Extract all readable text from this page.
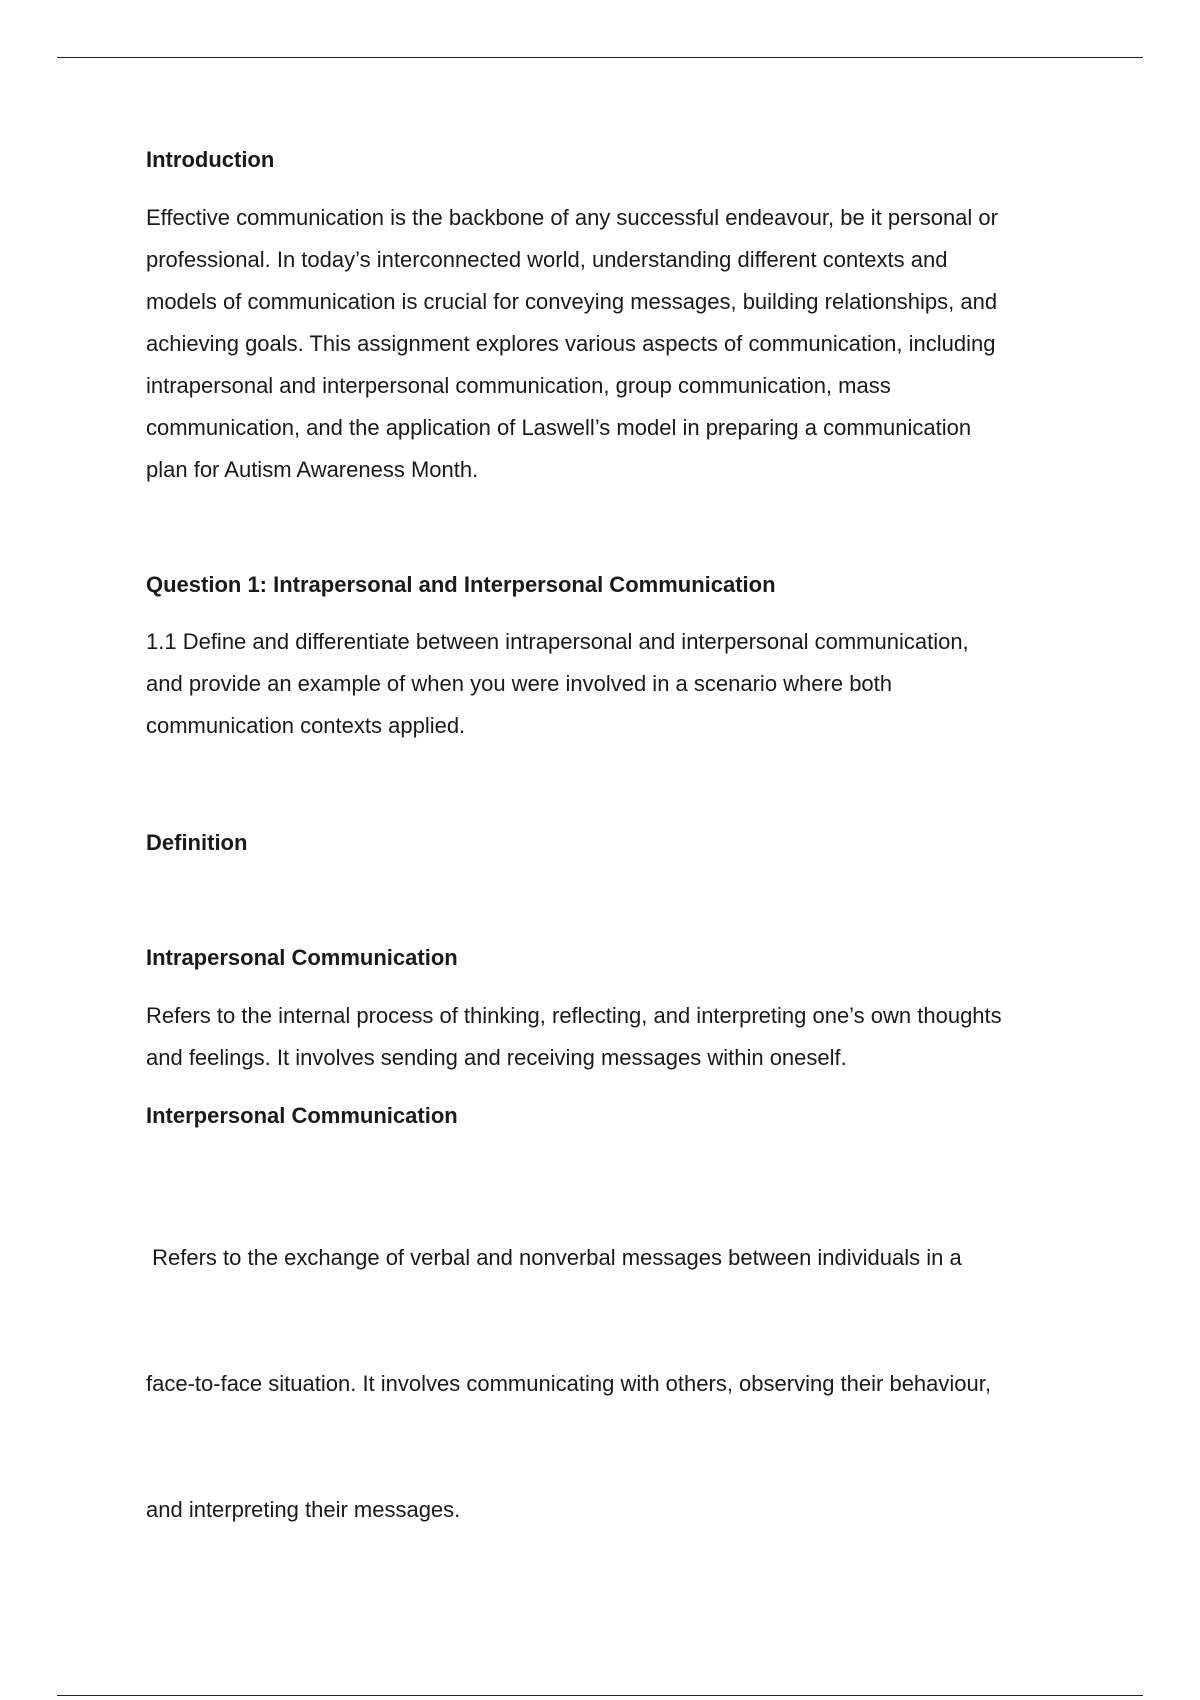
Introduction

Effective communication is the backbone of any successful endeavour, be it personal or
professional. In today’s interconnected world, understanding different contexts and
models of communication is crucial for conveying messages, building relationships, and
achieving goals. This assignment explores various aspects of communication, including
intrapersonal and interpersonal communication, group communication, mass
communication, and the application of Laswell’s model in preparing a communication
plan for Autism Awareness Month.

Question 1: Intrapersonal and Interpersonal Communication

1.1 Define and differentiate between intrapersonal and interpersonal communication,
and provide an example of when you were involved in a scenario where both
communication contexts applied.

Definition
Intrapersonal Communication

Refers to the internal process of thinking, reflecting, and interpreting one’s own thoughts
and feelings. It involves sending and receiving messages within oneself.

Interpersonal Communication

Refers to the exchange of verbal and nonverbal messages between individuals in a

face-to-face situation. It involves communicating with others, observing their behaviour,

and interpreting their messages.
